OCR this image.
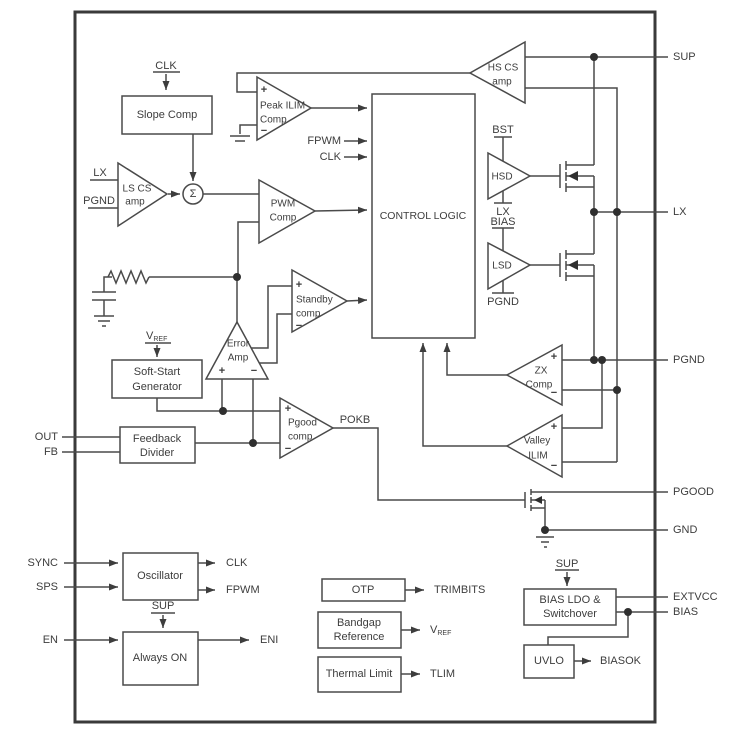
CLK
Slope Comp
LX
PGND
LS CS
amp
Σ
+
Peak ILIM
Comp
−
FPWM
CLK
CONTROL LOGIC
PWM
Comp
+
Standby
comp
−
Error
Amp
+ −
$V_{REF}$
Soft-Start
Generator
Feedback
Divider
OUT
FB
+
Pgood
comp
−
POKB
HS CS
amp
BST
HSD
LX
BIAS
LSD
PGND
+
ZX
Comp
−
+
Valley
ILIM
−
SUP
LX
PGND
PGOOD
GND
EXTVCC
BIAS
SYNC
SPS
EN
Oscillator
CLK
FPWM
SUP
Always ON
ENI
OTP	TRIMBITS
Bandgap
Reference
$V_{REF}$
Thermal Limit	TLIM
SUP
BIAS LDO &
Switchover
UVLO	BIASOK
